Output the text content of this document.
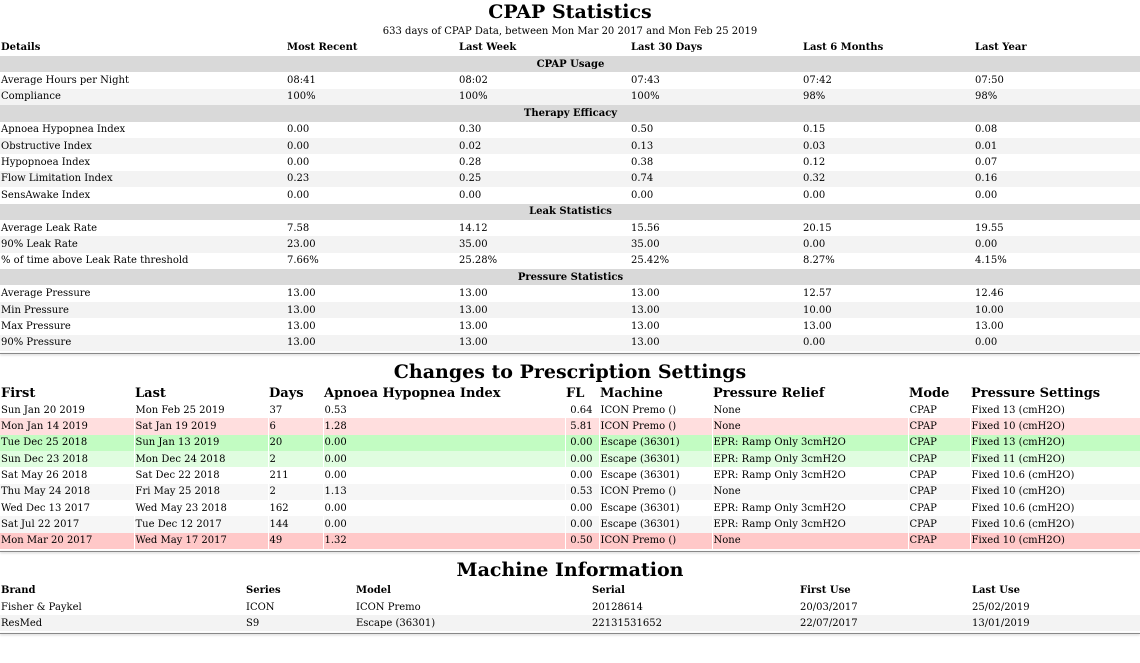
CPAP Statistics
633 days of CPAP Data, between Mon Mar 20 2017 and Mon Feb 25 2019
Details	Most Recent	Last Week	Last 30 Days	Last 6 Months	Last Year
CPAP Usage					
Average Hours per Night	08:41	08:02	07:43	07:42	07:50
Compliance	100%	100%	100%	98%	98%
Therapy Efficacy					
Apnoea Hypopnea Index	0.00	0.30	0.50	0.15	0.08
Obstructive Index	0.00	0.02	0.13	0.03	0.01
Hypopnoea Index	0.00	0.28	0.38	0.12	0.07
Flow Limitation Index	0.23	0.25	0.74	0.32	0.16
SensAwake Index	0.00	0.00	0.00	0.00	0.00
Leak Statistics					
Average Leak Rate	7.58	14.12	15.56	20.15	19.55
90% Leak Rate	23.00	35.00	35.00	0.00	0.00
% of time above Leak Rate threshold	7.66%	25.28%	25.42%	8.27%	4.15%
Pressure Statistics					
Average Pressure	13.00	13.00	13.00	12.57	12.46
Min Pressure	13.00	13.00	13.00	10.00	10.00
Max Pressure	13.00	13.00	13.00	13.00	13.00
90% Pressure	13.00	13.00	13.00	0.00	0.00
Changes to Prescription Settings
First	Last	Days	Apnoea Hypopnea Index	FL	Machine	Pressure Relief	Mode	Pressure Settings
Sun Jan 20 2019	Mon Feb 25 2019	37	0.53	0.64	ICON Premo ()	None	CPAP	Fixed 13 (cmH2O)
Mon Jan 14 2019	Sat Jan 19 2019	6	1.28	5.81	ICON Premo ()	None	CPAP	Fixed 10 (cmH2O)
Tue Dec 25 2018	Sun Jan 13 2019	20	0.00	0.00	Escape (36301)	EPR: Ramp Only 3cmH2O	CPAP	Fixed 13 (cmH2O)
Sun Dec 23 2018	Mon Dec 24 2018	2	0.00	0.00	Escape (36301)	EPR: Ramp Only 3cmH2O	CPAP	Fixed 11 (cmH2O)
Sat May 26 2018	Sat Dec 22 2018	211	0.00	0.00	Escape (36301)	EPR: Ramp Only 3cmH2O	CPAP	Fixed 10.6 (cmH2O)
Thu May 24 2018	Fri May 25 2018	2	1.13	0.53	ICON Premo ()	None	CPAP	Fixed 10 (cmH2O)
Wed Dec 13 2017	Wed May 23 2018	162	0.00	0.00	Escape (36301)	EPR: Ramp Only 3cmH2O	CPAP	Fixed 10.6 (cmH2O)
Sat Jul 22 2017	Tue Dec 12 2017	144	0.00	0.00	Escape (36301)	EPR: Ramp Only 3cmH2O	CPAP	Fixed 10.6 (cmH2O)
Mon Mar 20 2017	Wed May 17 2017	49	1.32	0.50	ICON Premo ()	None	CPAP	Fixed 10 (cmH2O)
Machine Information
Brand	Series	Model	Serial	First Use	Last Use
Fisher & Paykel	ICON	ICON Premo	20128614	20/03/2017	25/02/2019
ResMed	S9	Escape (36301)	22131531652	22/07/2017	13/01/2019
